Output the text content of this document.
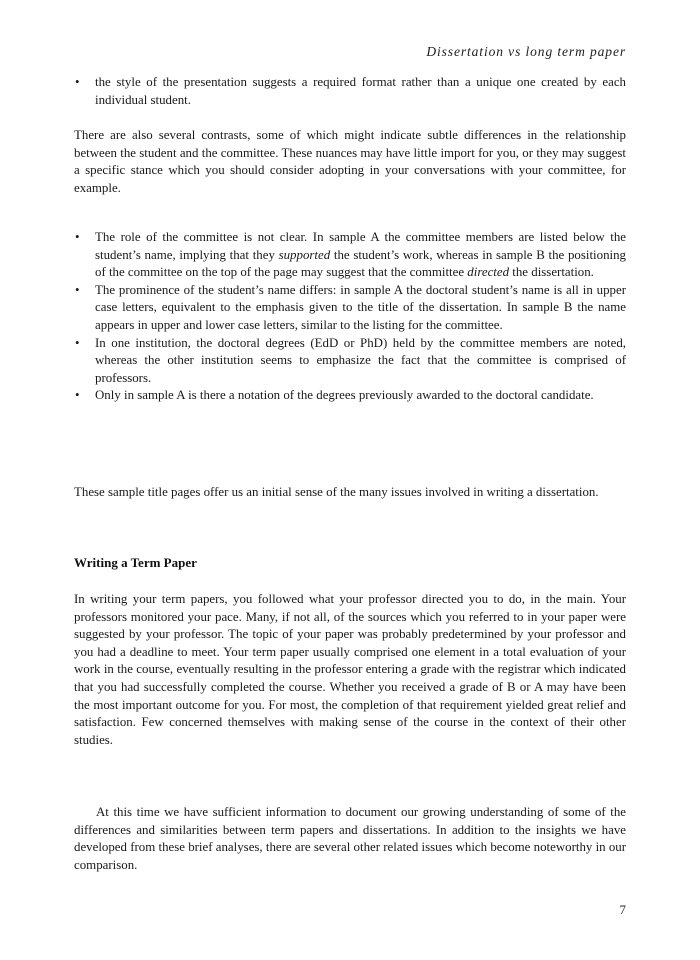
Dissertation vs long term paper
•	the style of the presentation suggests a required format rather than a unique one created by each individual student.

There are also several contrasts, some of which might indicate subtle differences in the relationship between the student and the committee. These nuances may have little import for you, or they may suggest a specific stance which you should consider adopting in your conversations with your committee, for example.

•	The role of the committee is not clear. In sample A the committee members are listed below the student’s name, implying that they supported the student’s work, whereas in sample B the positioning of the committee on the top of the page may suggest that the committee directed the dissertation.
•	The prominence of the student’s name differs: in sample A the doctoral student’s name is all in upper case letters, equivalent to the emphasis given to the title of the dissertation. In sample B the name appears in upper and lower case letters, similar to the listing for the committee.
•	In one institution, the doctoral degrees (EdD or PhD) held by the committee members are noted, whereas the other institution seems to emphasize the fact that the committee is comprised of professors.
•	Only in sample A is there a notation of the degrees previously awarded to the doctoral candidate.

These sample title pages offer us an initial sense of the many issues involved in writing a dissertation.

Writing a Term Paper

In writing your term papers, you followed what your professor directed you to do, in the main. Your professors monitored your pace. Many, if not all, of the sources which you referred to in your paper were suggested by your professor. The topic of your paper was probably predetermined by your professor and you had a deadline to meet. Your term paper usually comprised one element in a total evaluation of your work in the course, eventually resulting in the professor entering a grade with the registrar which indicated that you had successfully completed the course. Whether you received a grade of B or A may have been the most important outcome for you. For most, the completion of that requirement yielded great relief and satisfaction. Few concerned themselves with making sense of the course in the context of their other studies.

At this time we have sufficient information to document our growing understanding of some of the differences and similarities between term papers and dissertations. In addition to the insights we have developed from these brief analyses, there are several other related issues which become noteworthy in our comparison.

7
